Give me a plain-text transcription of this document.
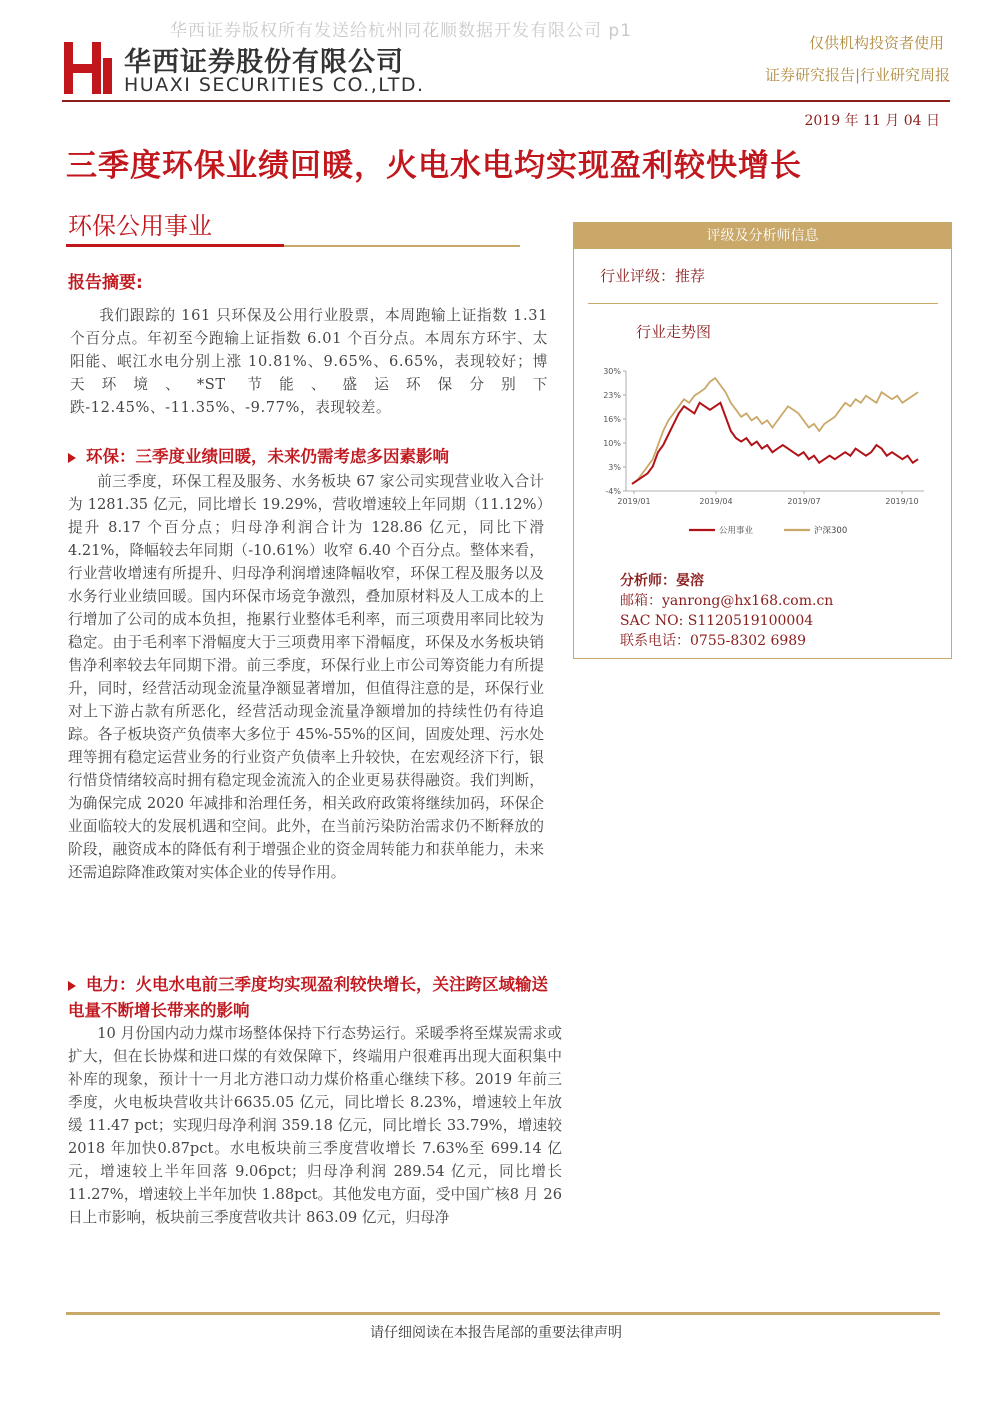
华西证券版权所有发送给杭州同花顺数据开发有限公司 p1
华西证券股份有限公司
HUAXI SECURITIES CO.,LTD.
仅供机构投资者使用
证券研究报告|行业研究周报
2019 年 11 月 04 日
三季度环保业绩回暖，火电水电均实现盈利较快增长
环保公用事业
报告摘要:
我们跟踪的 161 只环保及公用行业股票，本周跑输上证指数 1.31 个百分点。年初至今跑输上证指数 6.01 个百分点。本周东方环宇、太阳能、岷江水电分别上涨 10.81%、9.65%、6.65%，表现较好；博天环境、*ST 节能、盛运环保分别下跌-12.45%、-11.35%、-9.77%，表现较差。
环保：三季度业绩回暖，未来仍需考虑多因素影响
前三季度，环保工程及服务、水务板块 67 家公司实现营业收入合计为 1281.35 亿元，同比增长 19.29%，营收增速较上年同期（11.12%）提升 8.17 个百分点；归母净利润合计为 128.86 亿元，同比下滑 4.21%，降幅较去年同期（-10.61%）收窄 6.40 个百分点。整体来看，行业营收增速有所提升、归母净利润增速降幅收窄，环保工程及服务以及水务行业业绩回暖。国内环保市场竞争激烈，叠加原材料及人工成本的上行增加了公司的成本负担，拖累行业整体毛利率，而三项费用率同比较为稳定。由于毛利率下滑幅度大于三项费用率下滑幅度，环保及水务板块销售净利率较去年同期下滑。前三季度，环保行业上市公司筹资能力有所提升，同时，经营活动现金流量净额显著增加，但值得注意的是，环保行业对上下游占款有所恶化，经营活动现金流量净额增加的持续性仍有待追踪。各子板块资产负债率大多位于 45%-55%的区间，固废处理、污水处理等拥有稳定运营业务的行业资产负债率上升较快，在宏观经济下行，银行惜贷情绪较高时拥有稳定现金流流入的企业更易获得融资。我们判断，为确保完成 2020 年减排和治理任务，相关政府政策将继续加码，环保企业面临较大的发展机遇和空间。此外，在当前污染防治需求仍不断释放的阶段，融资成本的降低有利于增强企业的资金周转能力和获单能力，未来还需追踪降准政策对实体企业的传导作用。
电力：火电水电前三季度均实现盈利较快增长，关注跨区域输送电量不断增长带来的影响
10 月份国内动力煤市场整体保持下行态势运行。采暖季将至煤炭需求或扩大，但在长协煤和进口煤的有效保障下，终端用户很难再出现大面积集中补库的现象，预计十一月北方港口动力煤价格重心继续下移。2019 年前三季度，火电板块营收共计6635.05 亿元，同比增长 8.23%，增速较上年放缓 11.47 pct；实现归母净利润 359.18 亿元，同比增长 33.79%，增速较 2018 年加快0.87pct。水电板块前三季度营收增长 7.63%至 699.14 亿元，增速较上半年回落 9.06pct；归母净利润 289.54 亿元，同比增长11.27%，增速较上半年加快 1.88pct。其他发电方面，受中国广核8 月 26 日上市影响，板块前三季度营收共计 863.09 亿元，归母净
评级及分析师信息
行业评级：推荐
行业走势图
30%
23%
16%
10%
3%
-4%
2019/01	2019/04	2019/07	2019/10
公用事业	沪深300
分析师：晏溶
邮箱：yanrong@hx168.com.cn
SAC NO: S1120519100004
联系电话：0755-8302 6989
请仔细阅读在本报告尾部的重要法律声明
